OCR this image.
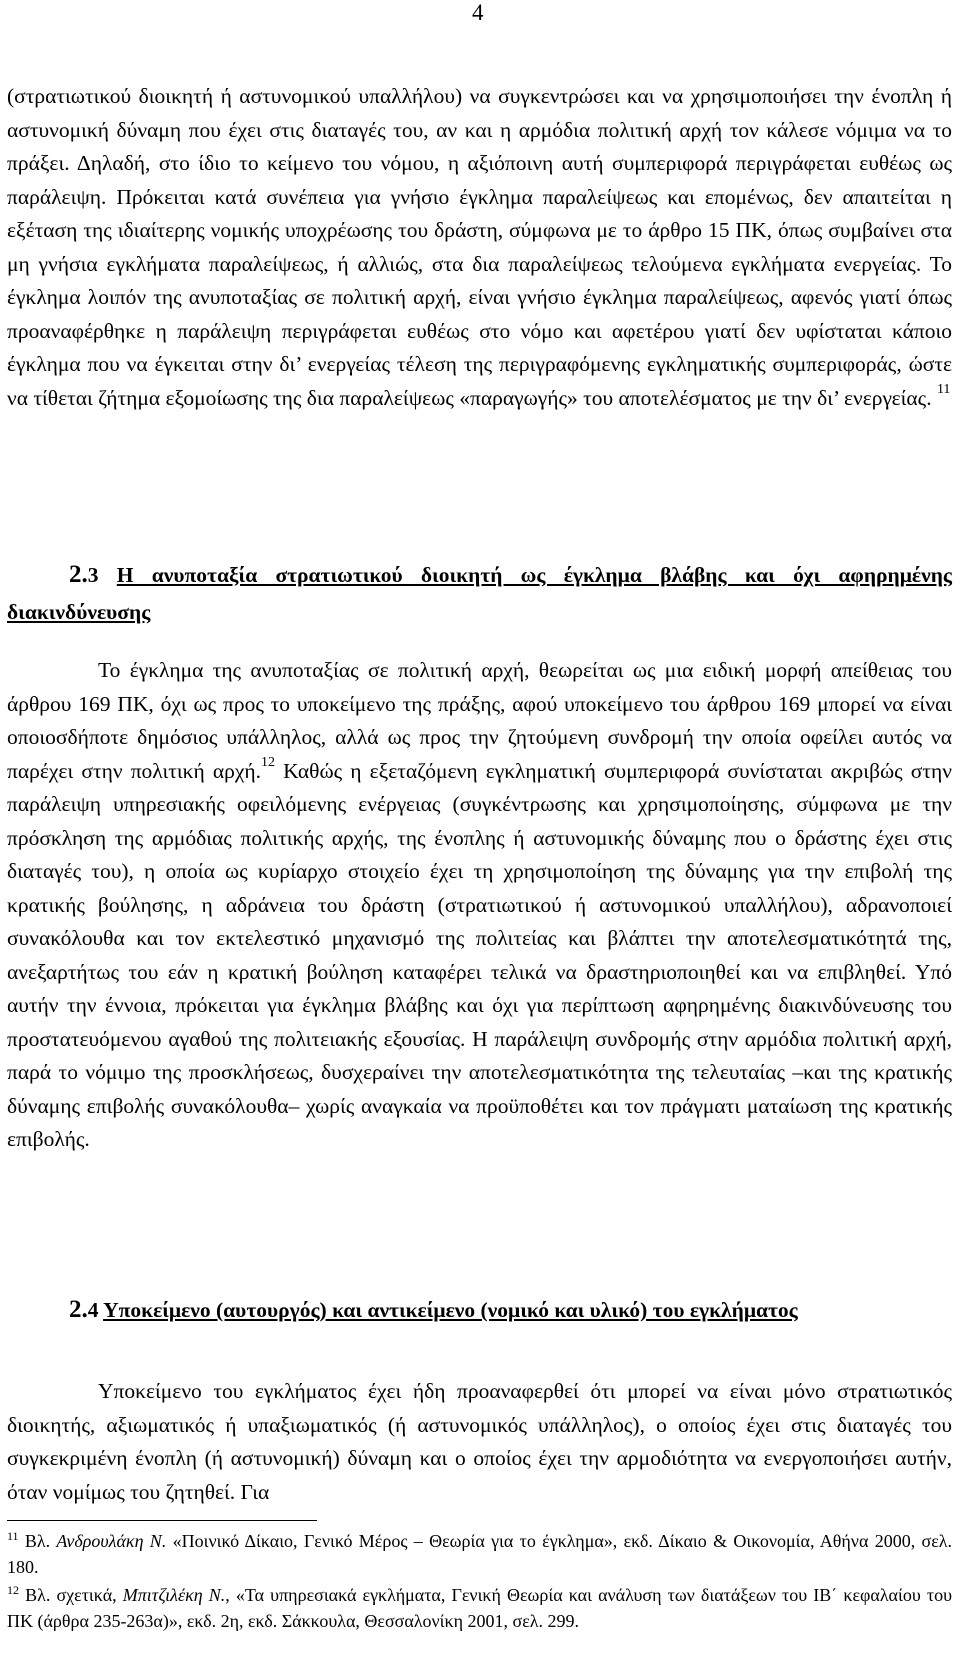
4

(στρατιωτικού διοικητή ή αστυνομικού υπαλλήλου) να συγκεντρώσει και να χρησιμοποιήσει την ένοπλη ή αστυνομική δύναμη που έχει στις διαταγές του, αν και η αρμόδια πολιτική αρχή τον κάλεσε νόμιμα να το πράξει. Δηλαδή, στο ίδιο το κείμενο του νόμου, η αξιόποινη αυτή συμπεριφορά περιγράφεται ευθέως ως παράλειψη. Πρόκειται κατά συνέπεια για γνήσιο έγκλημα παραλείψεως και επομένως, δεν απαιτείται η εξέταση της ιδιαίτερης νομικής υποχρέωσης του δράστη, σύμφωνα με το άρθρο 15 ΠΚ, όπως συμβαίνει στα μη γνήσια εγκλήματα παραλείψεως, ή αλλιώς, στα δια παραλείψεως τελούμενα εγκλήματα ενεργείας. Το έγκλημα λοιπόν της ανυποταξίας σε πολιτική αρχή, είναι γνήσιο έγκλημα παραλείψεως, αφενός γιατί όπως προαναφέρθηκε η παράλειψη περιγράφεται ευθέως στο νόμο και αφετέρου γιατί δεν υφίσταται κάποιο έγκλημα που να έγκειται στην δι’ ενεργείας τέλεση της περιγραφόμενης εγκληματικής συμπεριφοράς, ώστε να τίθεται ζήτημα εξομοίωσης της δια παραλείψεως «παραγωγής» του αποτελέσματος με την δι’ ενεργείας. $^{11}$

2.3 Η ανυποταξία στρατιωτικού διοικητή ως έγκλημα βλάβης και όχι αφηρημένης διακινδύνευσης

Το έγκλημα της ανυποταξίας σε πολιτική αρχή, θεωρείται ως μια ειδική μορφή απείθειας του άρθρου 169 ΠΚ, όχι ως προς το υποκείμενο της πράξης, αφού υποκείμενο του άρθρου 169 μπορεί να είναι οποιοσδήποτε δημόσιος υπάλληλος, αλλά ως προς την ζητούμενη συνδρομή την οποία οφείλει αυτός να παρέχει στην πολιτική αρχή.$^{12}$ Καθώς η εξεταζόμενη εγκληματική συμπεριφορά συνίσταται ακριβώς στην παράλειψη υπηρεσιακής οφειλόμενης ενέργειας (συγκέντρωσης και χρησιμοποίησης, σύμφωνα με την πρόσκληση της αρμόδιας πολιτικής αρχής, της ένοπλης ή αστυνομικής δύναμης που ο δράστης έχει στις διαταγές του), η οποία ως κυρίαρχο στοιχείο έχει τη χρησιμοποίηση της δύναμης για την επιβολή της κρατικής βούλησης, η αδράνεια του δράστη (στρατιωτικού ή αστυνομικού υπαλλήλου), αδρανοποιεί συνακόλουθα και τον εκτελεστικό μηχανισμό της πολιτείας και βλάπτει την αποτελεσματικότητά της, ανεξαρτήτως του εάν η κρατική βούληση καταφέρει τελικά να δραστηριοποιηθεί και να επιβληθεί. Υπό αυτήν την έννοια, πρόκειται για έγκλημα βλάβης και όχι για περίπτωση αφηρημένης διακινδύνευσης του προστατευόμενου αγαθού της πολιτειακής εξουσίας. Η παράλειψη συνδρομής στην αρμόδια πολιτική αρχή, παρά το νόμιμο της προσκλήσεως, δυσχεραίνει την αποτελεσματικότητα της τελευταίας –και της κρατικής δύναμης επιβολής συνακόλουθα– χωρίς αναγκαία να προϋποθέτει και τον πράγματι ματαίωση της κρατικής επιβολής.

2.4 Υποκείμενο (αυτουργός) και αντικείμενο (νομικό και υλικό) του εγκλήματος

Υποκείμενο του εγκλήματος έχει ήδη προαναφερθεί ότι μπορεί να είναι μόνο στρατιωτικός διοικητής, αξιωματικός ή υπαξιωματικός (ή αστυνομικός υπάλληλος), ο οποίος έχει στις διαταγές του συγκεκριμένη ένοπλη (ή αστυνομική) δύναμη και ο οποίος έχει την αρμοδιότητα να ενεργοποιήσει αυτήν, όταν νομίμως του ζητηθεί. Για

$^{11}$ Βλ. Ανδρουλάκη Ν. «Ποινικό Δίκαιο, Γενικό Μέρος – Θεωρία για το έγκλημα», εκδ. Δίκαιο & Οικονομία, Αθήνα 2000, σελ. 180.

$^{12}$ Βλ. σχετικά, Μπιτζιλέκη Ν., «Τα υπηρεσιακά εγκλήματα, Γενική Θεωρία και ανάλυση των διατάξεων του ΙΒ΄ κεφαλαίου του ΠΚ (άρθρα 235-263α)», εκδ. 2η, εκδ. Σάκκουλα, Θεσσαλονίκη 2001, σελ. 299.
